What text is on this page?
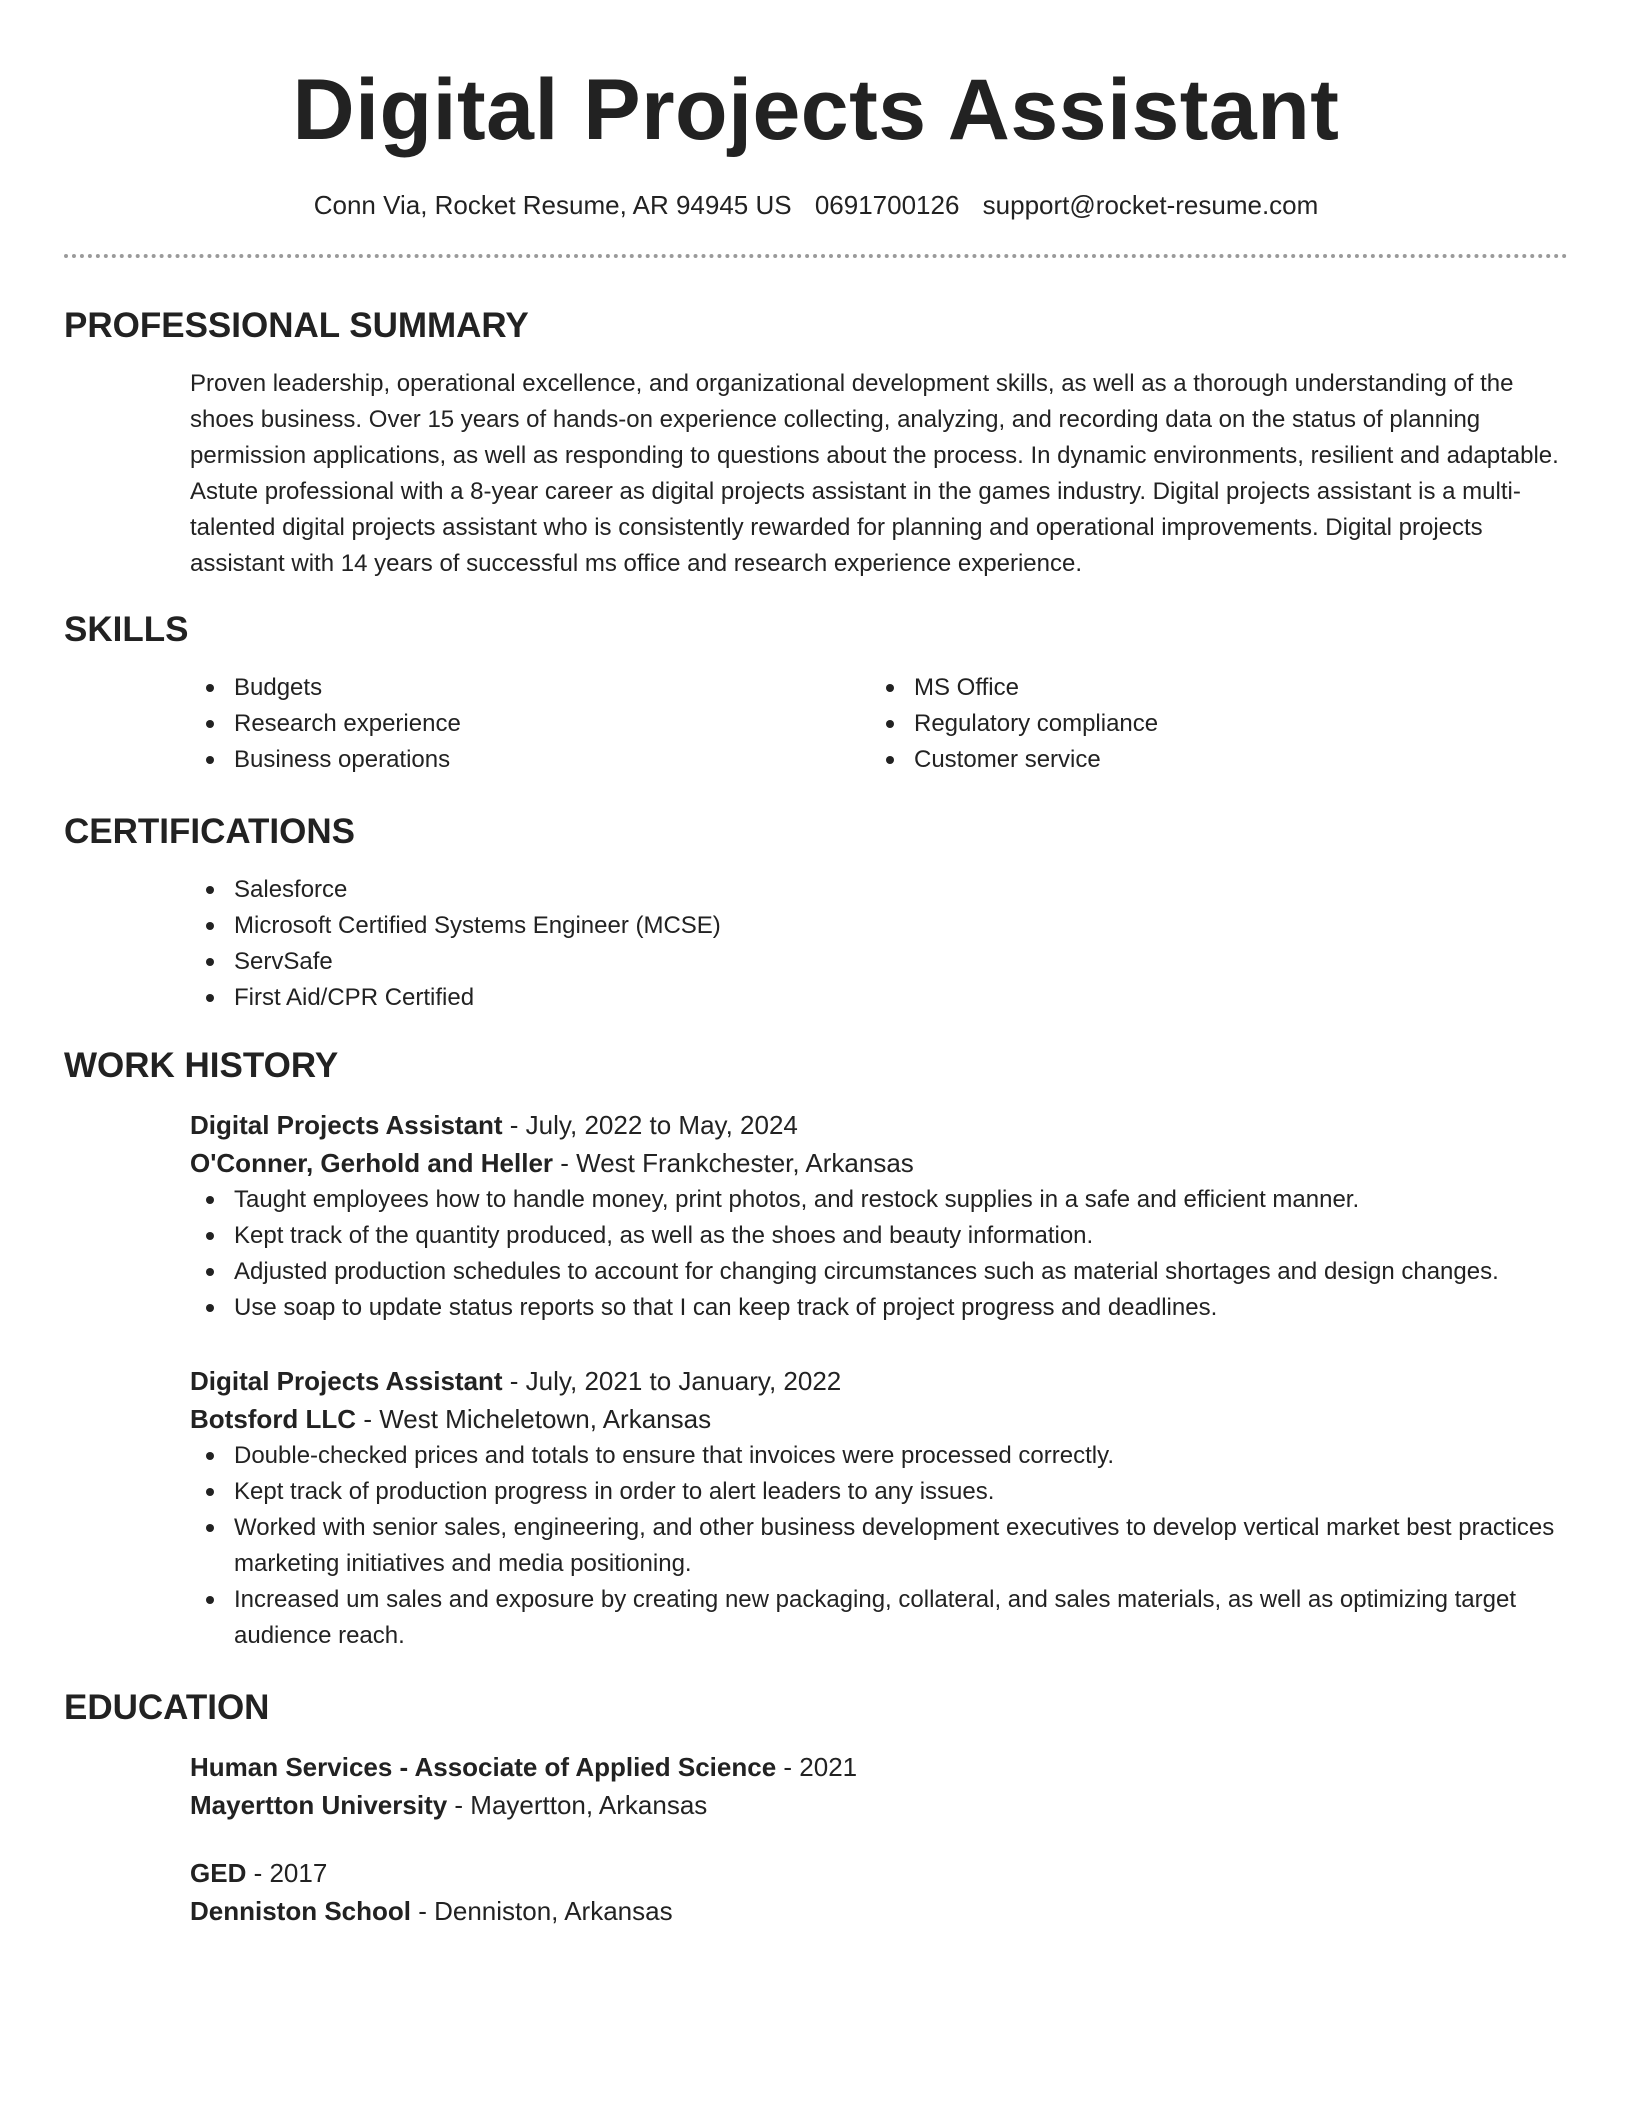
Digital Projects Assistant
Conn Via, Rocket Resume, AR 94945 US 0691700126 support@rocket-resume.com
PROFESSIONAL SUMMARY
Proven leadership, operational excellence, and organizational development skills, as well as a thorough understanding of the shoes business. Over 15 years of hands-on experience collecting, analyzing, and recording data on the status of planning permission applications, as well as responding to questions about the process. In dynamic environments, resilient and adaptable. Astute professional with a 8-year career as digital projects assistant in the games industry. Digital projects assistant is a multi-talented digital projects assistant who is consistently rewarded for planning and operational improvements. Digital projects assistant with 14 years of successful ms office and research experience experience.
SKILLS
Budgets
Research experience
Business operations
MS Office
Regulatory compliance
Customer service
CERTIFICATIONS
Salesforce
Microsoft Certified Systems Engineer (MCSE)
ServSafe
First Aid/CPR Certified
WORK HISTORY
Digital Projects Assistant - July, 2022 to May, 2024
O'Conner, Gerhold and Heller - West Frankchester, Arkansas
Taught employees how to handle money, print photos, and restock supplies in a safe and efficient manner.
Kept track of the quantity produced, as well as the shoes and beauty information.
Adjusted production schedules to account for changing circumstances such as material shortages and design changes.
Use soap to update status reports so that I can keep track of project progress and deadlines.
Digital Projects Assistant - July, 2021 to January, 2022
Botsford LLC - West Micheletown, Arkansas
Double-checked prices and totals to ensure that invoices were processed correctly.
Kept track of production progress in order to alert leaders to any issues.
Worked with senior sales, engineering, and other business development executives to develop vertical market best practices marketing initiatives and media positioning.
Increased um sales and exposure by creating new packaging, collateral, and sales materials, as well as optimizing target audience reach.
EDUCATION
Human Services - Associate of Applied Science - 2021
Mayertton University - Mayertton, Arkansas
GED - 2017
Denniston School - Denniston, Arkansas
